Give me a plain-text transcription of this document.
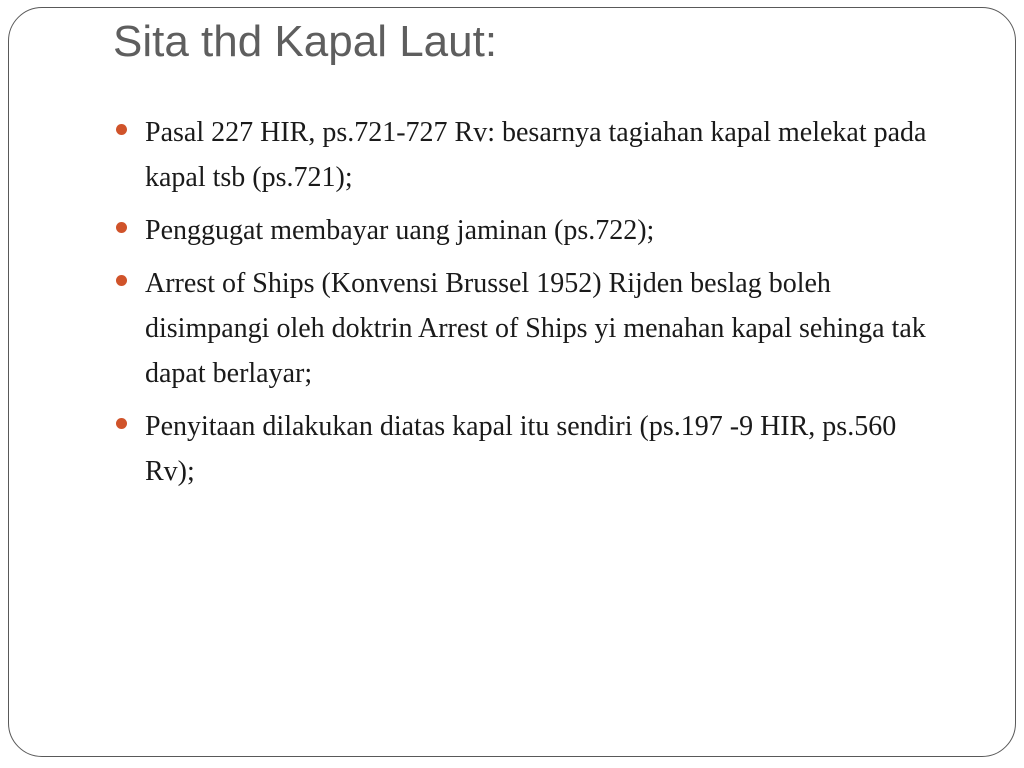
Sita thd Kapal Laut:
Pasal 227 HIR, ps.721-727 Rv: besarnya tagiahan kapal melekat pada kapal tsb (ps.721);
Penggugat membayar uang jaminan (ps.722);
Arrest of Ships (Konvensi Brussel 1952) Rijden beslag boleh disimpangi oleh doktrin Arrest of Ships yi menahan kapal sehinga tak dapat berlayar;
Penyitaan dilakukan diatas kapal itu sendiri (ps.197 -9 HIR, ps.560 Rv);
